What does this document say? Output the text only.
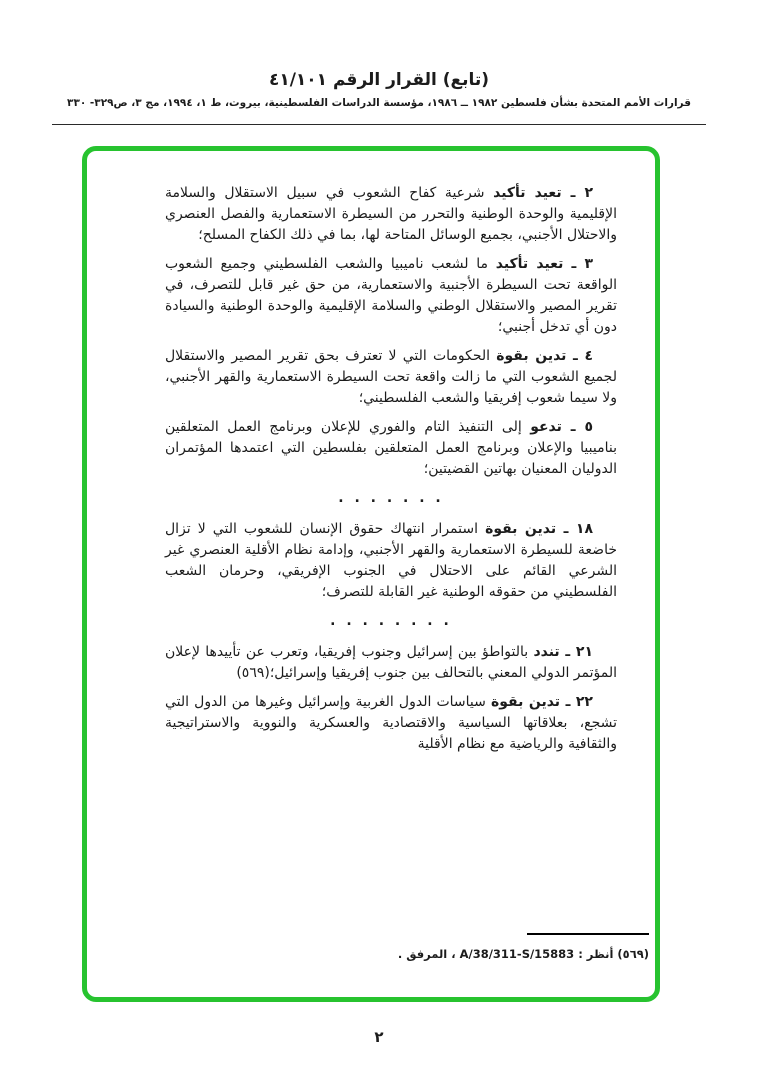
(تابع) القرار الرقم ٤١/١٠١
قرارات الأمم المتحدة بشأن فلسطين ١٩٨٢ ــ ١٩٨٦، مؤسسة الدراسات الفلسطينية، بيروت، ط ١، ١٩٩٤، مج ٣، ص٣٢٩- ٣٣٠

٢ ـ تعيد تأكيد شرعية كفاح الشعوب في سبيل الاستقلال والسلامة الإقليمية والوحدة الوطنية والتحرر من السيطرة الاستعمارية والفصل العنصري والاحتلال الأجنبي، بجميع الوسائل المتاحة لها، بما في ذلك الكفاح المسلح؛

٣ ـ تعيد تأكيد ما لشعب ناميبيا والشعب الفلسطيني وجميع الشعوب الواقعة تحت السيطرة الأجنبية والاستعمارية، من حق غير قابل للتصرف، في تقرير المصير والاستقلال الوطني والسلامة الإقليمية والوحدة الوطنية والسيادة دون أي تدخل أجنبي؛

٤ ـ تدين بقوة الحكومات التي لا تعترف بحق تقرير المصير والاستقلال لجميع الشعوب التي ما زالت واقعة تحت السيطرة الاستعمارية والقهر الأجنبي، ولا سيما شعوب إفريقيا والشعب الفلسطيني؛

٥ ـ تدعو إلى التنفيذ التام والفوري للإعلان وبرنامج العمل المتعلقين بناميبيا والإعلان وبرنامج العمل المتعلقين بفلسطين التي اعتمدها المؤتمران الدوليان المعنيان بهاتين القضيتين؛

. . . . . . .

١٨ ـ تدين بقوة استمرار انتهاك حقوق الإنسان للشعوب التي لا تزال خاضعة للسيطرة الاستعمارية والقهر الأجنبي، وإدامة نظام الأقلية العنصري غير الشرعي القائم على الاحتلال في الجنوب الإفريقي، وحرمان الشعب الفلسطيني من حقوقه الوطنية غير القابلة للتصرف؛

. . . . . . . .

٢١ ـ تندد بالتواطؤ بين إسرائيل وجنوب إفريقيا، وتعرب عن تأييدها لإعلان المؤتمر الدولي المعني بالتحالف بين جنوب إفريقيا وإسرائيل؛(٥٦٩)

٢٢ ـ تدين بقوة سياسات الدول الغربية وإسرائيل وغيرها من الدول التي تشجع، بعلاقاتها السياسية والاقتصادية والعسكرية والنووية والاستراتيجية والثقافية والرياضية مع نظام الأقلية

(٥٦٩) أنظر : A/38/311-S/15883 ، المرفق .
٢
